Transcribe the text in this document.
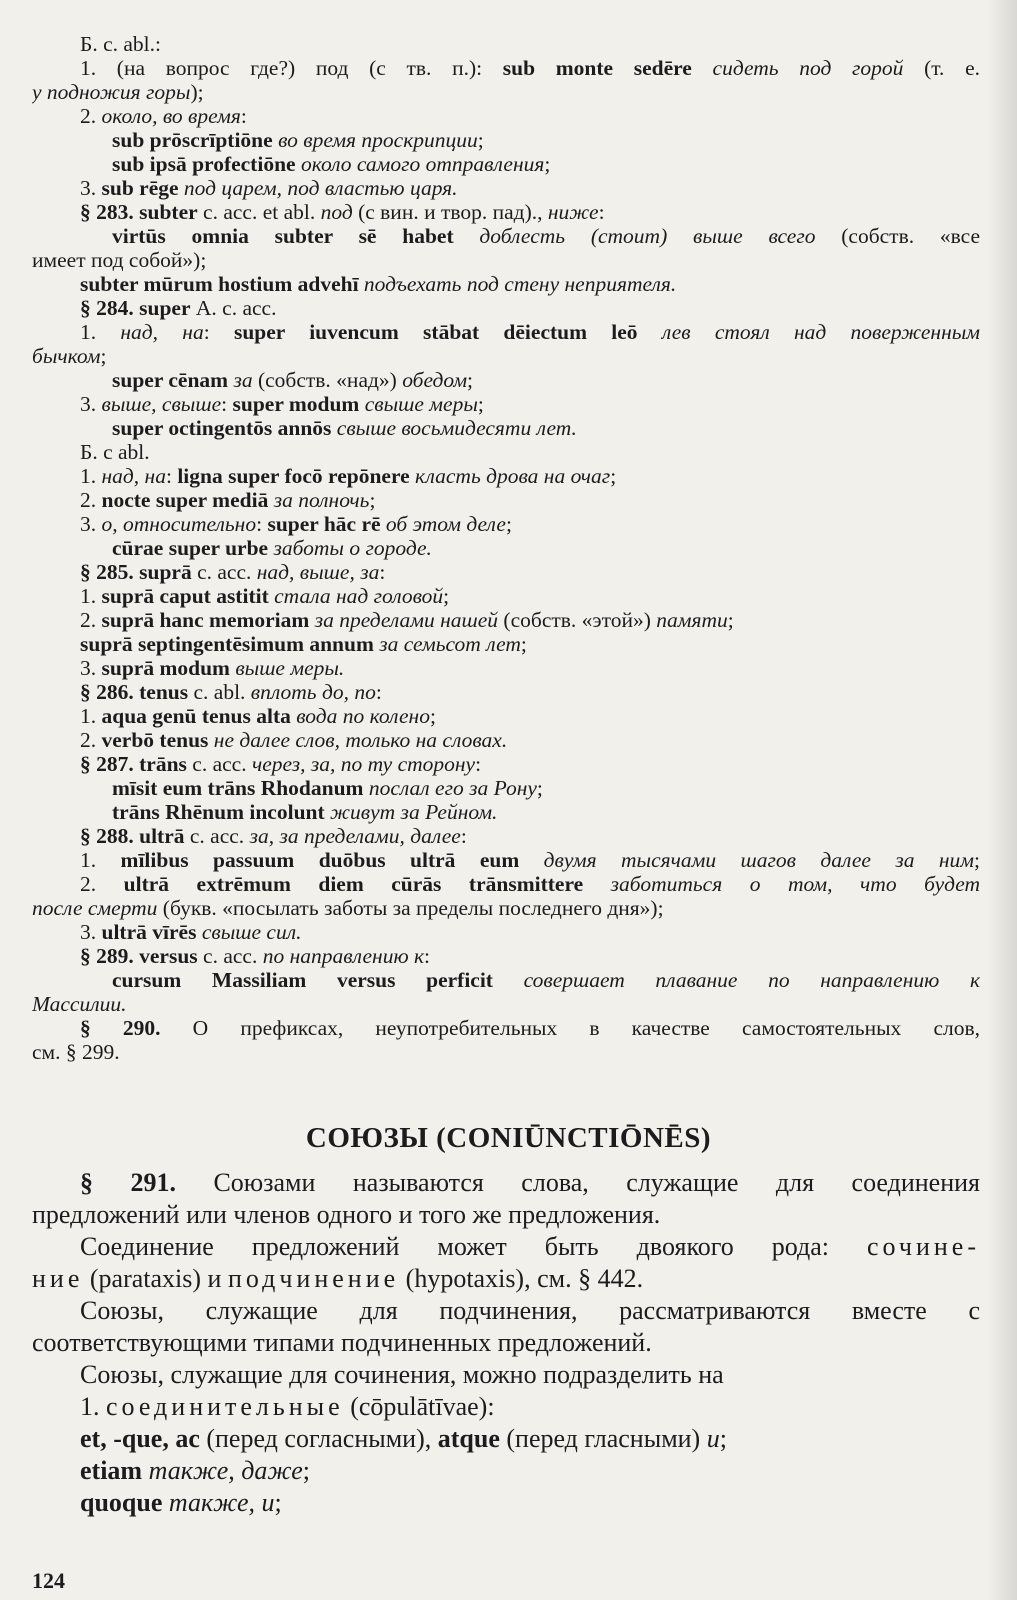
Б. с. abl.:
1. (на вопрос где?) под (с тв. п.): sub monte sedēre сидеть под горой (т. е.
у подножия горы);
2. около, во время:
sub prōscrīptiōne во время проскрипции;
sub ipsā profectiōne около самого отправления;
3. sub rēge под царем, под властью царя.
§ 283. subter с. acc. et abl. под (с вин. и твор. пад)., ниже:
virtūs omnia subter sē habet доблесть (стоит) выше всего (собств. «все
имеет под собой»);
subter mūrum hostium advehī подъехать под стену неприятеля.
§ 284. super А. с. acc.
1. над, на: super iuvencum stābat dēiectum leō лев стоял над поверженным
бычком;
super cēnam за (собств. «над») обедом;
3. выше, свыше: super modum свыше меры;
super octingentōs annōs свыше восьмидесяти лет.
Б. с abl.
1. над, на: ligna super focō repōnere класть дрова на очаг;
2. nocte super mediā за полночь;
3. о, относительно: super hāc rē об этом деле;
cūrae super urbe заботы о городе.
§ 285. suprā с. acc. над, выше, за:
1. suprā caput astitit стала над головой;
2. suprā hanc memoriam за пределами нашей (собств. «этой») памяти;
suprā septingentēsimum annum за семьсот лет;
3. suprā modum выше меры.
§ 286. tenus с. abl. вплоть до, по:
1. aqua genū tenus alta вода по колено;
2. verbō tenus не далее слов, только на словах.
§ 287. trāns с. acc. через, за, по ту сторону:
mīsit eum trāns Rhodanum послал его за Рону;
trāns Rhēnum incolunt живут за Рейном.
§ 288. ultrā с. acc. за, за пределами, далее:
1. mīlibus passuum duōbus ultrā eum двумя тысячами шагов далее за ним;
2. ultrā extrēmum diem cūrās trānsmittere заботиться о том, что будет
после смерти (букв. «посылать заботы за пределы последнего дня»);
3. ultrā vīrēs свыше сил.
§ 289. versus с. acc. по направлению к:
cursum Massiliam versus perficit совершает плавание по направлению к
Массилии.
§ 290. О префиксах, неупотребительных в качестве самостоятельных слов,
см. § 299.
§ 291. Союзами называются слова, служащие для соединения
предложений или членов одного и того же предложения.
Соединение предложений может быть двоякого рода: сочине-
ние (parataxis) и подчинение (hypotaxis), см. § 442.
Союзы, служащие для подчинения, рассматриваются вместе с
соответствующими типами подчиненных предложений.
Союзы, служащие для сочинения, можно подразделить на
1. соединительные (cōpulātīvae):
et, -que, ac (перед согласными), atque (перед гласными) и;
etiam также, даже;
quoque также, и;
СОЮЗЫ (CONIŪNCTIŌNĒS)
124
